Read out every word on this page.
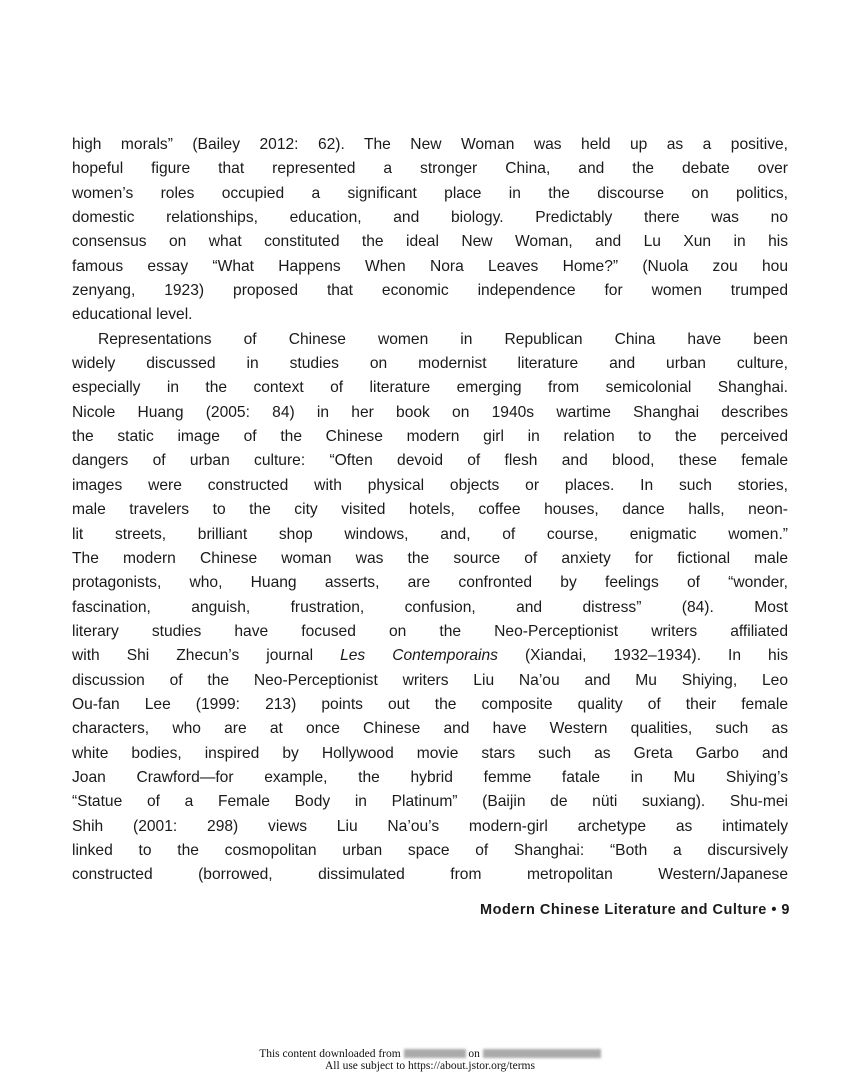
high morals” (Bailey 2012: 62). The New Woman was held up as a positive,
hopeful figure that represented a stronger China, and the debate over
women’s roles occupied a significant place in the discourse on politics,
domestic relationships, education, and biology. Predictably there was no
consensus on what constituted the ideal New Woman, and Lu Xun in his
famous essay “What Happens When Nora Leaves Home?” (Nuola zou hou
zenyang, 1923) proposed that economic independence for women trumped
educational level.
Representations of Chinese women in Republican China have been
widely discussed in studies on modernist literature and urban culture,
especially in the context of literature emerging from semicolonial Shanghai.
Nicole Huang (2005: 84) in her book on 1940s wartime Shanghai describes
the static image of the Chinese modern girl in relation to the perceived
dangers of urban culture: “Often devoid of flesh and blood, these female
images were constructed with physical objects or places. In such stories,
male travelers to the city visited hotels, coffee houses, dance halls, neon-
lit streets, brilliant shop windows, and, of course, enigmatic women.”
The modern Chinese woman was the source of anxiety for fictional male
protagonists, who, Huang asserts, are confronted by feelings of “wonder,
fascination, anguish, frustration, confusion, and distress” (84). Most
literary studies have focused on the Neo-Perceptionist writers affiliated
with Shi Zhecun’s journal Les Contemporains (Xiandai, 1932–1934). In his
discussion of the Neo-Perceptionist writers Liu Na’ou and Mu Shiying, Leo
Ou-fan Lee (1999: 213) points out the composite quality of their female
characters, who are at once Chinese and have Western qualities, such as
white bodies, inspired by Hollywood movie stars such as Greta Garbo and
Joan Crawford—for example, the hybrid femme fatale in Mu Shiying’s
“Statue of a Female Body in Platinum” (Baijin de nüti suxiang). Shu-mei
Shih (2001: 298) views Liu Na’ou’s modern-girl archetype as intimately
linked to the cosmopolitan urban space of Shanghai: “Both a discursively
constructed (borrowed, dissimulated from metropolitan Western/Japanese
Modern Chinese Literature and Culture • 9
This content downloaded from	on
All use subject to https://about.jstor.org/terms
